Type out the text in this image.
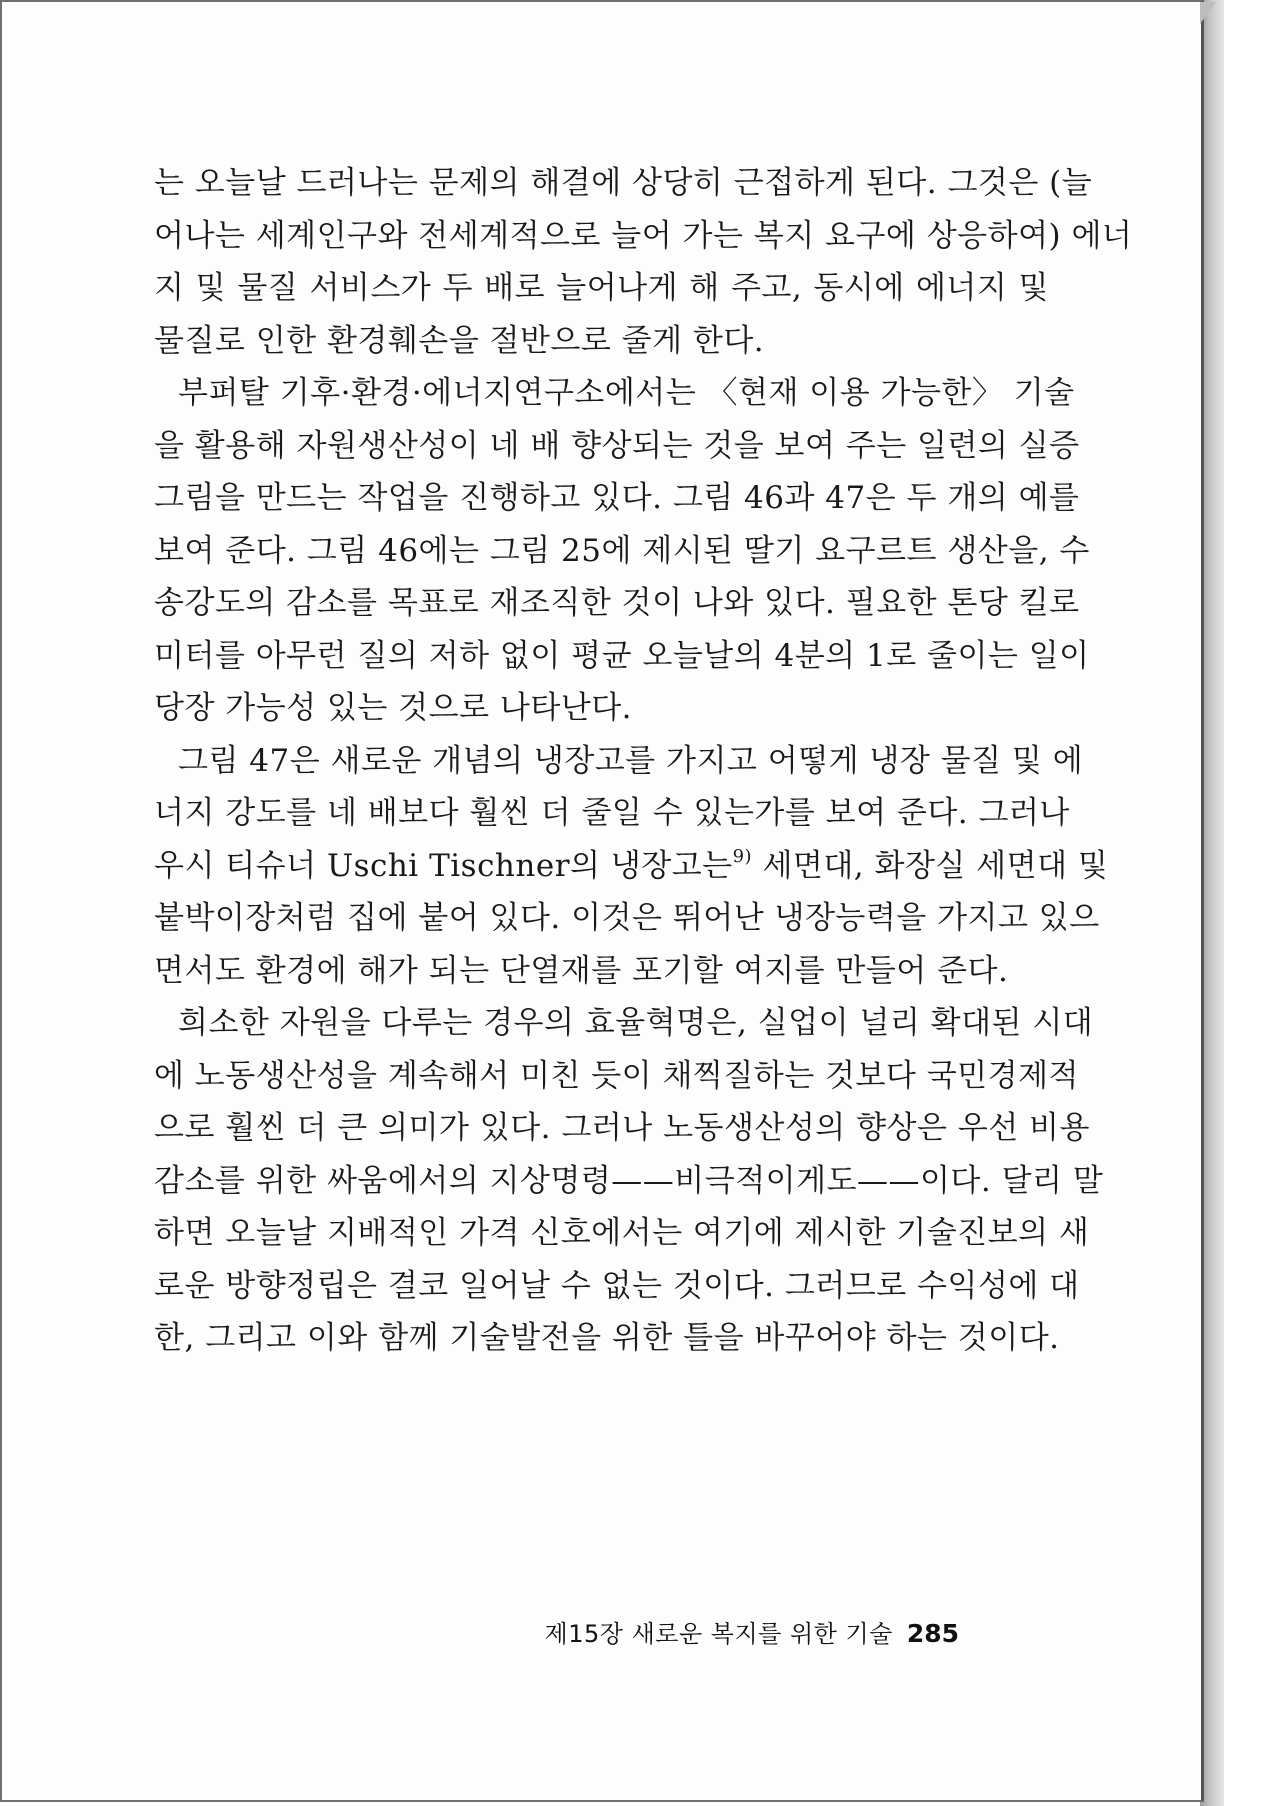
는 오늘날 드러나는 문제의 해결에 상당히 근접하게 된다. 그것은 (늘
어나는 세계인구와 전세계적으로 늘어 가는 복지 요구에 상응하여) 에너
지 및 물질 서비스가 두 배로 늘어나게 해 주고, 동시에 에너지 및
물질로 인한 환경훼손을 절반으로 줄게 한다.
부퍼탈 기후·환경·에너지연구소에서는 〈현재 이용 가능한〉 기술
을 활용해 자원생산성이 네 배 향상되는 것을 보여 주는 일련의 실증
그림을 만드는 작업을 진행하고 있다. 그림 46과 47은 두 개의 예를
보여 준다. 그림 46에는 그림 25에 제시된 딸기 요구르트 생산을, 수
송강도의 감소를 목표로 재조직한 것이 나와 있다. 필요한 톤당 킬로
미터를 아무런 질의 저하 없이 평균 오늘날의 4분의 1로 줄이는 일이
당장 가능성 있는 것으로 나타난다.
그림 47은 새로운 개념의 냉장고를 가지고 어떻게 냉장 물질 및 에
너지 강도를 네 배보다 훨씬 더 줄일 수 있는가를 보여 준다. 그러나
우시 티슈너 Uschi Tischner의 냉장고는$^{9)}$ 세면대, 화장실 세면대 및
붙박이장처럼 집에 붙어 있다. 이것은 뛰어난 냉장능력을 가지고 있으
면서도 환경에 해가 되는 단열재를 포기할 여지를 만들어 준다.
희소한 자원을 다루는 경우의 효율혁명은, 실업이 널리 확대된 시대
에 노동생산성을 계속해서 미친 듯이 채찍질하는 것보다 국민경제적
으로 훨씬 더 큰 의미가 있다. 그러나 노동생산성의 향상은 우선 비용
감소를 위한 싸움에서의 지상명령——비극적이게도——이다. 달리 말
하면 오늘날 지배적인 가격 신호에서는 여기에 제시한 기술진보의 새
로운 방향정립은 결코 일어날 수 없는 것이다. 그러므로 수익성에 대
한, 그리고 이와 함께 기술발전을 위한 틀을 바꾸어야 하는 것이다.
제15장 새로운 복지를 위한 기술 285
